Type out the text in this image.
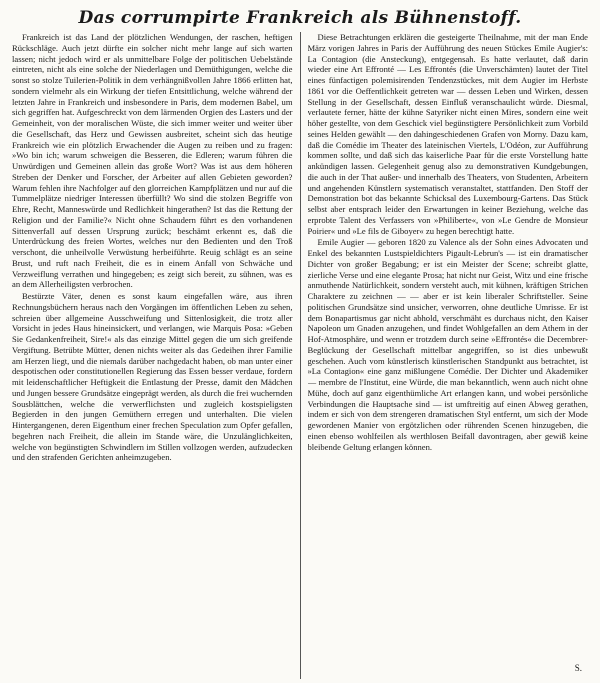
Das corrumpirte Frankreich als Bühnenstoff.

Frankreich ist das Land der plötzlichen Wendungen, der raschen, heftigen Rückschläge. Auch jetzt dürfte ein solcher nicht mehr lange auf sich warten lassen; nicht jedoch wird er als unmittelbare Folge der politischen Uebelstände eintreten, nicht als eine solche der Niederlagen und Demüthigungen, welche die sonst so stolze Tuilerien-Politik in dem verhängnißvollen Jahre 1866 erlitten hat, sondern vielmehr als ein Wirkung der tiefen Entsittlichung, welche während der letzten Jahre in Frankreich und insbesondere in Paris, dem modernen Babel, um sich gegriffen hat. Aufgeschreckt von dem lärmenden Orgien des Lasters und der Gemeinheit, von der moralischen Wüste, die sich immer weiter und weiter über die Gesellschaft, das Herz und Gewissen ausbreitet, scheint sich das heutige Frankreich wie ein plötzlich Erwachender die Augen zu reiben und zu fragen: »Wo bin ich; warum schweigen die Besseren, die Edleren; warum führen die Unwürdigen und Gemeinen allein das große Wort? Was ist aus dem höheren Streben der Denker und Forscher, der Arbeiter auf allen Gebieten geworden? Warum fehlen ihre Nachfolger auf den glorreichen Kampfplätzen und nur auf die Tummelplätze niedriger Interessen überfüllt? Wo sind die stolzen Begriffe von Ehre, Recht, Manneswürde und Redlichkeit hingerathen? Ist das die Rettung der Religion und der Familie?« Nicht ohne Schaudern führt es den vorhandenen Sittenverfall auf dessen Ursprung zurück; beschämt erkennt es, daß die Unterdrückung des freien Wortes, welches nur den Bedienten und den Troß verschont, die unheilvolle Verwüstung herbeiführte. Reuig schlägt es an seine Brust, und ruft nach Freiheit, die es in einem Anfall von Schwäche und Verzweiflung verrathen und hingegeben; es zeigt sich bereit, zu sühnen, was es an dem Allerheiligsten verbrochen.

Bestürzte Väter, denen es sonst kaum eingefallen wäre, aus ihren Rechnungsbüchern heraus nach den Vorgängen im öffentlichen Leben zu sehen, schreien über allgemeine Ausschweifung und Sittenlosigkeit, die trotz aller Vorsicht in jedes Haus hineinsickert, und verlangen, wie Marquis Posa: »Geben Sie Gedankenfreiheit, Sire!« als das einzige Mittel gegen die um sich greifende Vergiftung. Betrübte Mütter, denen nichts weiter als das Gedeihen ihrer Familie am Herzen liegt, und die niemals darüber nachgedacht haben, ob man unter einer despotischen oder constitutionellen Regierung das Essen besser verdaue, fordern mit leidenschaftlicher Heftigkeit die Entlastung der Presse, damit den Mädchen und Jungen bessere Grundsätze eingeprägt werden, als durch die frei wuchernden Sousblättchen, welche die verwerflichsten und zugleich kostspieligsten Begierden in den jungen Gemüthern erregen und unterhalten. Die vielen Hintergangenen, deren Eigenthum einer frechen Speculation zum Opfer gefallen, begehren nach Freiheit, die allein im Stande wäre, die Unzulänglichkeiten, welche von begünstigten Schwindlern im Stillen vollzogen werden, aufzudecken und den strafenden Gerichten anheimzugeben.

Diese Betrachtungen erklären die gesteigerte Theilnahme, mit der man Ende März vorigen Jahres in Paris der Aufführung des neuen Stückes Emile Augier's: La Contagion (die Ansteckung), entgegensah. Es hatte verlautet, daß darin wieder eine Art Effronté — Les Effrontés (die Unverschämten) lautet der Titel eines fünfactigen polemisirenden Tendenzstückes, mit dem Augier im Herbste 1861 vor die Oeffentlichkeit getreten war — dessen Leben und Wirken, dessen Stellung in der Gesellschaft, dessen Einfluß veranschaulicht würde. Diesmal, verlautete ferner, hätte der kühne Satyriker nicht einen Mires, sondern eine weit höher gestellte, von dem Geschick viel begünstigtere Persönlichkeit zum Vorbild seines Helden gewählt — den dahingeschiedenen Grafen von Morny. Dazu kam, daß die Comédie im Theater des lateinischen Viertels, L'Odéon, zur Aufführung kommen sollte, und daß sich das kaiserliche Paar für die erste Vorstellung hatte ankündigen lassen. Gelegenheit genug also zu demonstrativen Kundgebungen, die auch in der That außer- und innerhalb des Theaters, von Studenten, Arbeitern und angehenden Künstlern systematisch veranstaltet, stattfanden. Den Stoff der Demonstration bot das bekannte Schicksal des Luxembourg-Gartens. Das Stück selbst aber entsprach leider den Erwartungen in keiner Beziehung, welche das erprobte Talent des Verfassers von »Philiberte«, von »Le Gendre de Monsieur Poirier« und »Le fils de Giboyer« zu hegen berechtigt hatte.

Emile Augier — geboren 1820 zu Valence als der Sohn eines Advocaten und Enkel des bekannten Lustspieldichters Pigault-Lebrun's — ist ein dramatischer Dichter von großer Begabung; er ist ein Meister der Scene; schreibt glatte, zierliche Verse und eine elegante Prosa; hat nicht nur Geist, Witz und eine frische anmuthende Natürlichkeit, sondern versteht auch, mit kühnen, kräftigen Strichen Charaktere zu zeichnen — — aber er ist kein liberaler Schriftsteller. Seine politischen Grundsätze sind unsicher, verworren, ohne deutliche Umrisse. Er ist dem Bonapartismus gar nicht abhold, verschmäht es durchaus nicht, den Kaiser Napoleon um Gnaden anzugehen, und findet Wohlgefallen an dem Athem in der Hof-Atmosphäre, und wenn er trotzdem durch seine »Effrontés« die Decembrer-Beglückung der Gesellschaft mittelbar angegriffen, so ist dies unbewußt geschehen. Auch vom künstlerisch künstlerischen Standpunkt aus betrachtet, ist »La Contagion« eine ganz mißlungene Comédie. Der Dichter und Akademiker — membre de l'Institut, eine Würde, die man bekanntlich, wenn auch nicht ohne Mühe, doch auf ganz eigenthümliche Art erlangen kann, und wobei persönliche Verbindungen die Hauptsache sind — ist umftreitig auf einen Abweg gerathen, indem er sich von dem strengeren dramatischen Styl entfernt, um sich der Mode gewordenen Manier von ergötzlichen oder rührenden Scenen hinzugeben, die einen ebenso wohlfeilen als werthlosen Beifall davontragen, aber gewiß keine bleibende Geltung erlangen können.

S.
